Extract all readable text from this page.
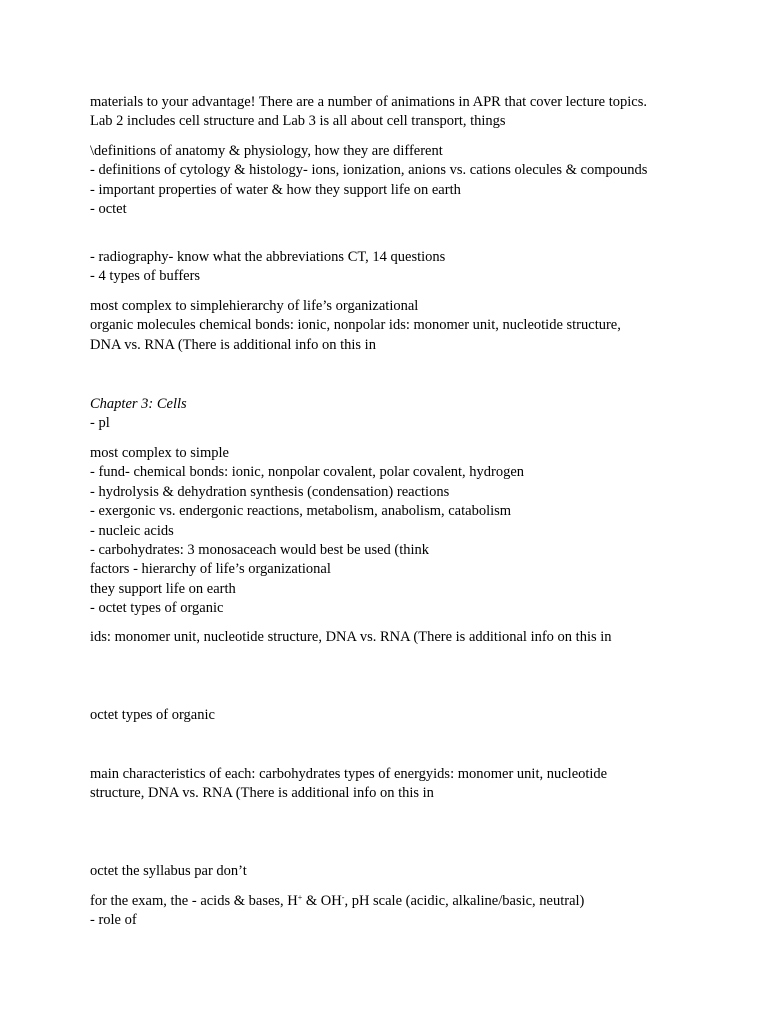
materials to your advantage! There are a number of animations in APR that cover lecture topics.
Lab 2 includes cell structure and Lab 3 is all about cell transport, things
\definitions of anatomy & physiology, how they are different
- definitions of cytology & histology- ions, ionization, anions vs. cations olecules & compounds
- important properties of water & how they support life on earth
- octet
- radiography- know what the abbreviations CT, 14 questions
- 4 types of buffers
most complex to simplehierarchy of life’s organizational
organic molecules chemical bonds: ionic, nonpolar ids: monomer unit, nucleotide structure,
DNA vs. RNA (There is additional info on this in
Chapter 3: Cells
- pl
most complex to simple
- fund- chemical bonds: ionic, nonpolar covalent, polar covalent, hydrogen
- hydrolysis & dehydration synthesis (condensation) reactions
- exergonic vs. endergonic reactions, metabolism, anabolism, catabolism
- nucleic acids
- carbohydrates: 3 monosaceach would best be used (think
factors - hierarchy of life’s organizational
they support life on earth
- octet types of organic
ids: monomer unit, nucleotide structure, DNA vs. RNA (There is additional info on this in
octet types of organic
main characteristics of each: carbohydrates types of energyids: monomer unit, nucleotide
structure, DNA vs. RNA (There is additional info on this in
octet the syllabus par don’t
for the exam, the - acids & bases, H+ & OH-, pH scale (acidic, alkaline/basic, neutral)
- role of
